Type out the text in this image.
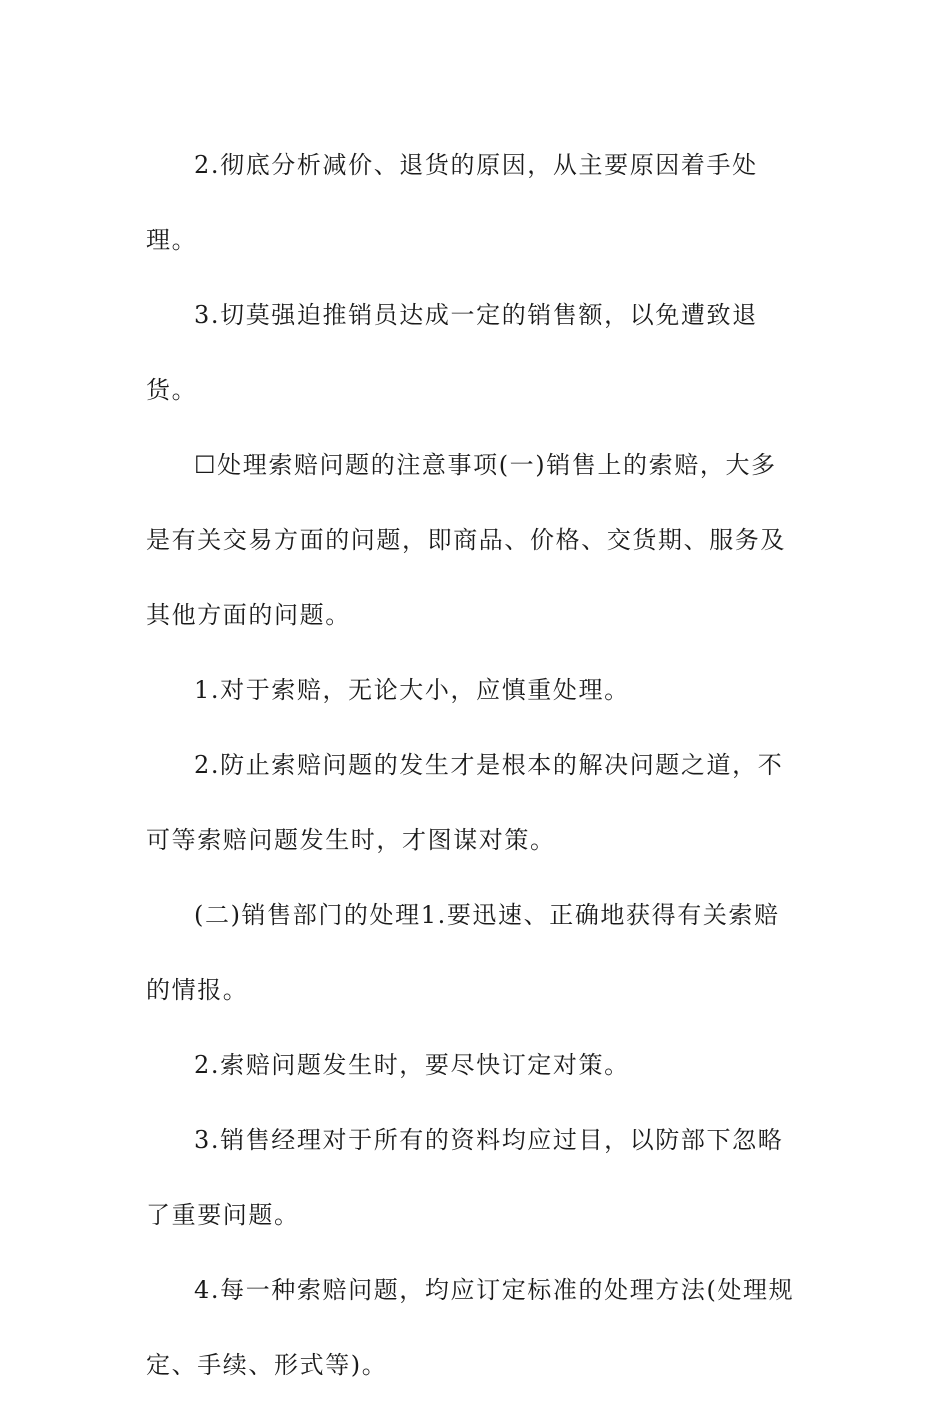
2.彻底分析减价、退货的原因，从主要原因着手处理。

3.切莫强迫推销员达成一定的销售额，以免遭致退货。

☐处理索赔问题的注意事项(一)销售上的索赔，大多是有关交易方面的问题，即商品、价格、交货期、服务及其他方面的问题。

1.对于索赔，无论大小，应慎重处理。

2.防止索赔问题的发生才是根本的解决问题之道，不可等索赔问题发生时，才图谋对策。

(二)销售部门的处理1.要迅速、正确地获得有关索赔的情报。

2.索赔问题发生时，要尽快订定对策。

3.销售经理对于所有的资料均应过目，以防部下忽略了重要问题。

4.每一种索赔问题，均应订定标准的处理方法(处理规定、手续、形式等)。
